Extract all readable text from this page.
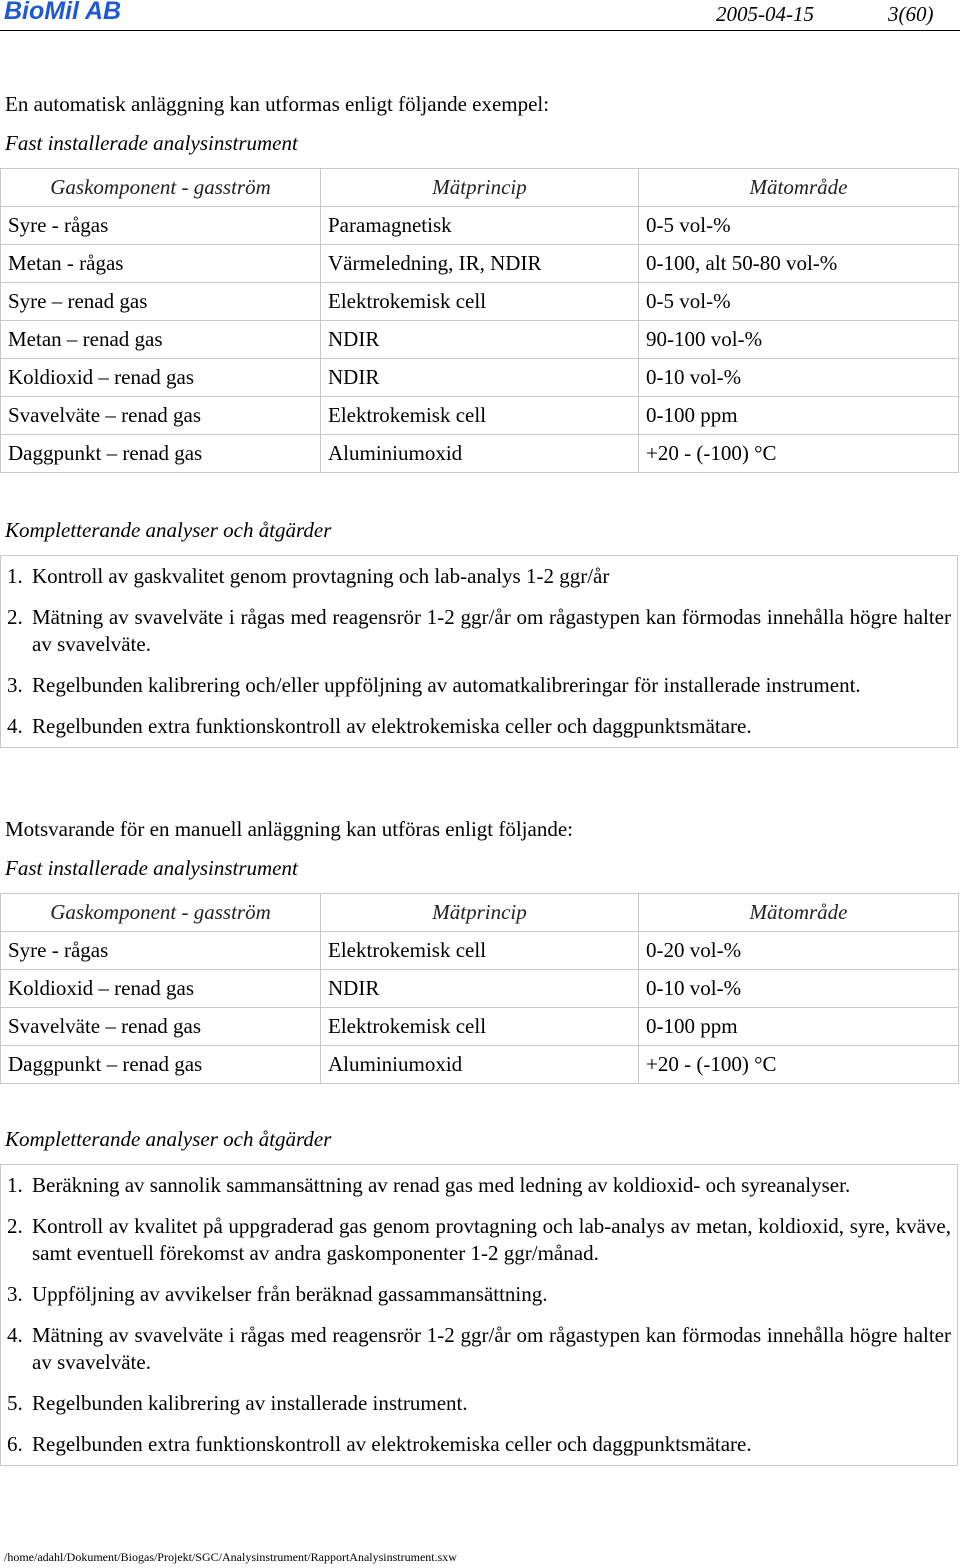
BioMil AB	2005-04-15	3(60)
En automatisk anläggning kan utformas enligt följande exempel:
Fast installerade analysinstrument
Gaskomponent - gasström	Mätprincip	Mätområde
Syre - rågas	Paramagnetisk	0-5 vol-%
Metan - rågas	Värmeledning, IR, NDIR	0-100, alt 50-80 vol-%
Syre – renad gas	Elektrokemisk cell	0-5 vol-%
Metan – renad gas	NDIR	90-100 vol-%
Koldioxid – renad gas	NDIR	0-10 vol-%
Svavelväte – renad gas	Elektrokemisk cell	0-100 ppm
Daggpunkt – renad gas	Aluminiumoxid	+20 - (-100) °C
Kompletterande analyser och åtgärder
1. Kontroll av gaskvalitet genom provtagning och lab-analys 1-2 ggr/år
2. Mätning av svavelväte i rågas med reagensrör 1-2 ggr/år om rågastypen kan förmodas innehålla högre halter av svavelväte.
3. Regelbunden kalibrering och/eller uppföljning av automatkalibreringar för installerade instrument.
4. Regelbunden extra funktionskontroll av elektrokemiska celler och daggpunktsmätare.
Motsvarande för en manuell anläggning kan utföras enligt följande:
Fast installerade analysinstrument
Gaskomponent - gasström	Mätprincip	Mätområde
Syre - rågas	Elektrokemisk cell	0-20 vol-%
Koldioxid – renad gas	NDIR	0-10 vol-%
Svavelväte – renad gas	Elektrokemisk cell	0-100 ppm
Daggpunkt – renad gas	Aluminiumoxid	+20 - (-100) °C
Kompletterande analyser och åtgärder
1. Beräkning av sannolik sammansättning av renad gas med ledning av koldioxid- och syreanalyser.
2. Kontroll av kvalitet på uppgraderad gas genom provtagning och lab-analys av metan, koldioxid, syre, kväve, samt eventuell förekomst av andra gaskomponenter 1-2 ggr/månad.
3. Uppföljning av avvikelser från beräknad gassammansättning.
4. Mätning av svavelväte i rågas med reagensrör 1-2 ggr/år om rågastypen kan förmodas innehålla högre halter av svavelväte.
5. Regelbunden kalibrering av installerade instrument.
6. Regelbunden extra funktionskontroll av elektrokemiska celler och daggpunktsmätare.
/home/adahl/Dokument/Biogas/Projekt/SGC/Analysinstrument/RapportAnalysinstrument.sxw
